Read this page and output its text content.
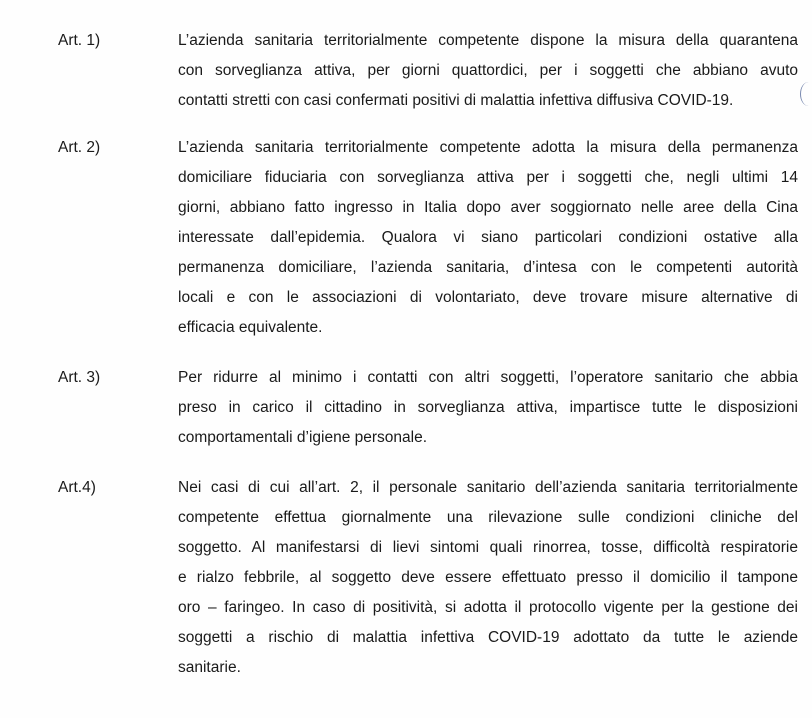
Art. 1)	L’azienda sanitaria territorialmente competente dispone la misura della quarantena
con sorveglianza attiva, per giorni quattordici, per i soggetti che abbiano avuto
contatti stretti con casi confermati positivi di malattia infettiva diffusiva COVID-19.
Art. 2)	L’azienda sanitaria territorialmente competente adotta la misura della permanenza
domiciliare fiduciaria con sorveglianza attiva per i soggetti che, negli ultimi 14
giorni, abbiano fatto ingresso in Italia dopo aver soggiornato nelle aree della Cina
interessate dall’epidemia. Qualora vi siano particolari condizioni ostative alla
permanenza domiciliare, l’azienda sanitaria, d’intesa con le competenti autorità
locali e con le associazioni di volontariato, deve trovare misure alternative di
efficacia equivalente.
Art. 3)	Per ridurre al minimo i contatti con altri soggetti, l’operatore sanitario che abbia
preso in carico il cittadino in sorveglianza attiva, impartisce tutte le disposizioni
comportamentali d’igiene personale.
Art.4)	Nei casi di cui all’art. 2, il personale sanitario dell’azienda sanitaria territorialmente
competente effettua giornalmente una rilevazione sulle condizioni cliniche del
soggetto. Al manifestarsi di lievi sintomi quali rinorrea, tosse, difficoltà respiratorie
e rialzo febbrile, al soggetto deve essere effettuato presso il domicilio il tampone
oro – faringeo. In caso di positività, si adotta il protocollo vigente per la gestione dei
soggetti a rischio di malattia infettiva COVID-19 adottato da tutte le aziende
sanitarie.
